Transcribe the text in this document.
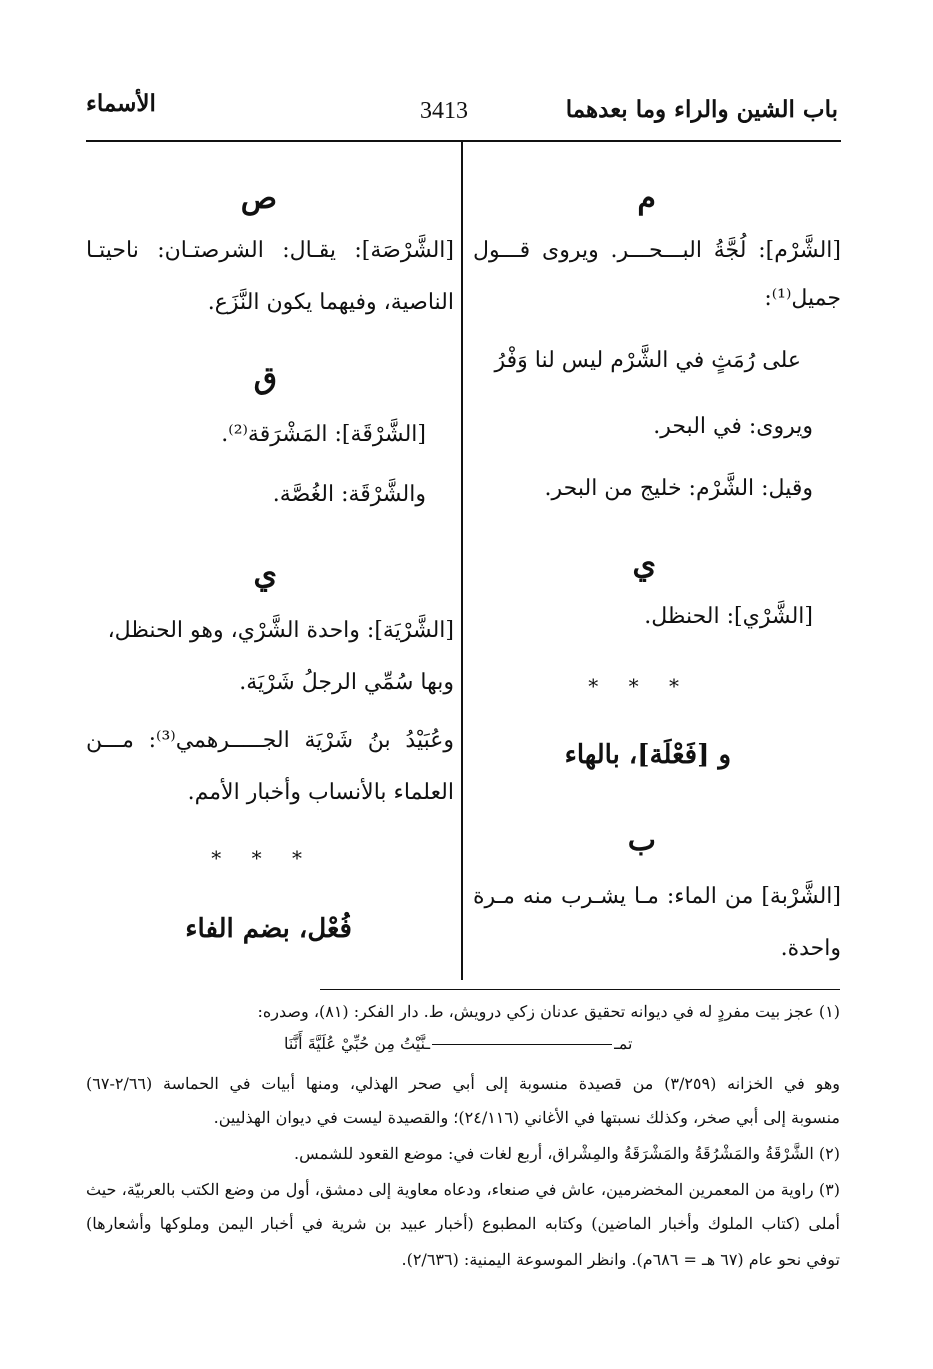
الأسماء	3413	باب الشين والراء وما بعدهما
م
[الشَّرْم]: لُجَّةُ البـــحـــر. ويروى قـــول
جميل⁽¹⁾:
على رُمَثٍ في الشَّرْم ليس لنا وَفْرُ
ويروى: في البحر.
وقيل: الشَّرْم: خليج من البحر.
ي
[الشَّرْي]: الحنظل.
* * *
و [فَعْلَة]، بالهاء
ب
[الشَّرْبة] من الماء: مـا يشـرب منه مـرة
واحدة.
ص
[الشَّرْصَة]: يقـال: الشرصتـان: ناحيتـا
الناصية، وفيهما يكون النَّزَع.
ق
[الشَّرْقَة]: المَشْرَقة⁽²⁾.
والشَّرْقَة: الغُصَّة.
ي
[الشَّرْيَة]: واحدة الشَّرْي، وهو الحنظل،
وبها سُمِّي الرجلُ شَرْيَة.
وعُبَيْدُ بنُ شَرْيَة الجـــــرهمي⁽³⁾: مـــن
العلماء بالأنساب وأخبار الأمم.
* * *
فُعْل، بضم الفاء
(١) عجز بيت مفردٍ له في ديوانه تحقيق عدنان زكي درويش، ط. دار الفكر: (٨١)، وصدره:
تمــنَّيْتُ مِن حُبِّيْ عُلَيَّةَ أَنَّنَا
وهو في الخزانه (٣/٢٥٩) من قصيدة منسوبة إلى أبي صحر الهذلي، ومنها أبيات في الحماسة (٢/٦٦-٦٧)
منسوبة إلى أبي صخر، وكذلك نسبتها في الأغاني (٢٤/١١٦)؛ والقصيدة ليست في ديوان الهذليين.
(٢) الشَّرْقَةُ والمَشْرُقَةُ والمَشْرَقَةُ والمِشْراق، أربع لغات في: موضع القعود للشمس.
(٣) راوية من المعمرين المخضرمين، عاش في صنعاء، ودعاه معاوية إلى دمشق، أول من وضع الكتب بالعربيّة، حيث
أملى (كتاب الملوك وأخبار الماضين) وكتابه المطبوع (أخبار عبيد بن شرية في أخبار اليمن وملوكها وأشعارها)
توفي نحو عام (٦٧ هـ = ٦٨٦م). وانظر الموسوعة اليمنية: (٢/٦٣٦).
